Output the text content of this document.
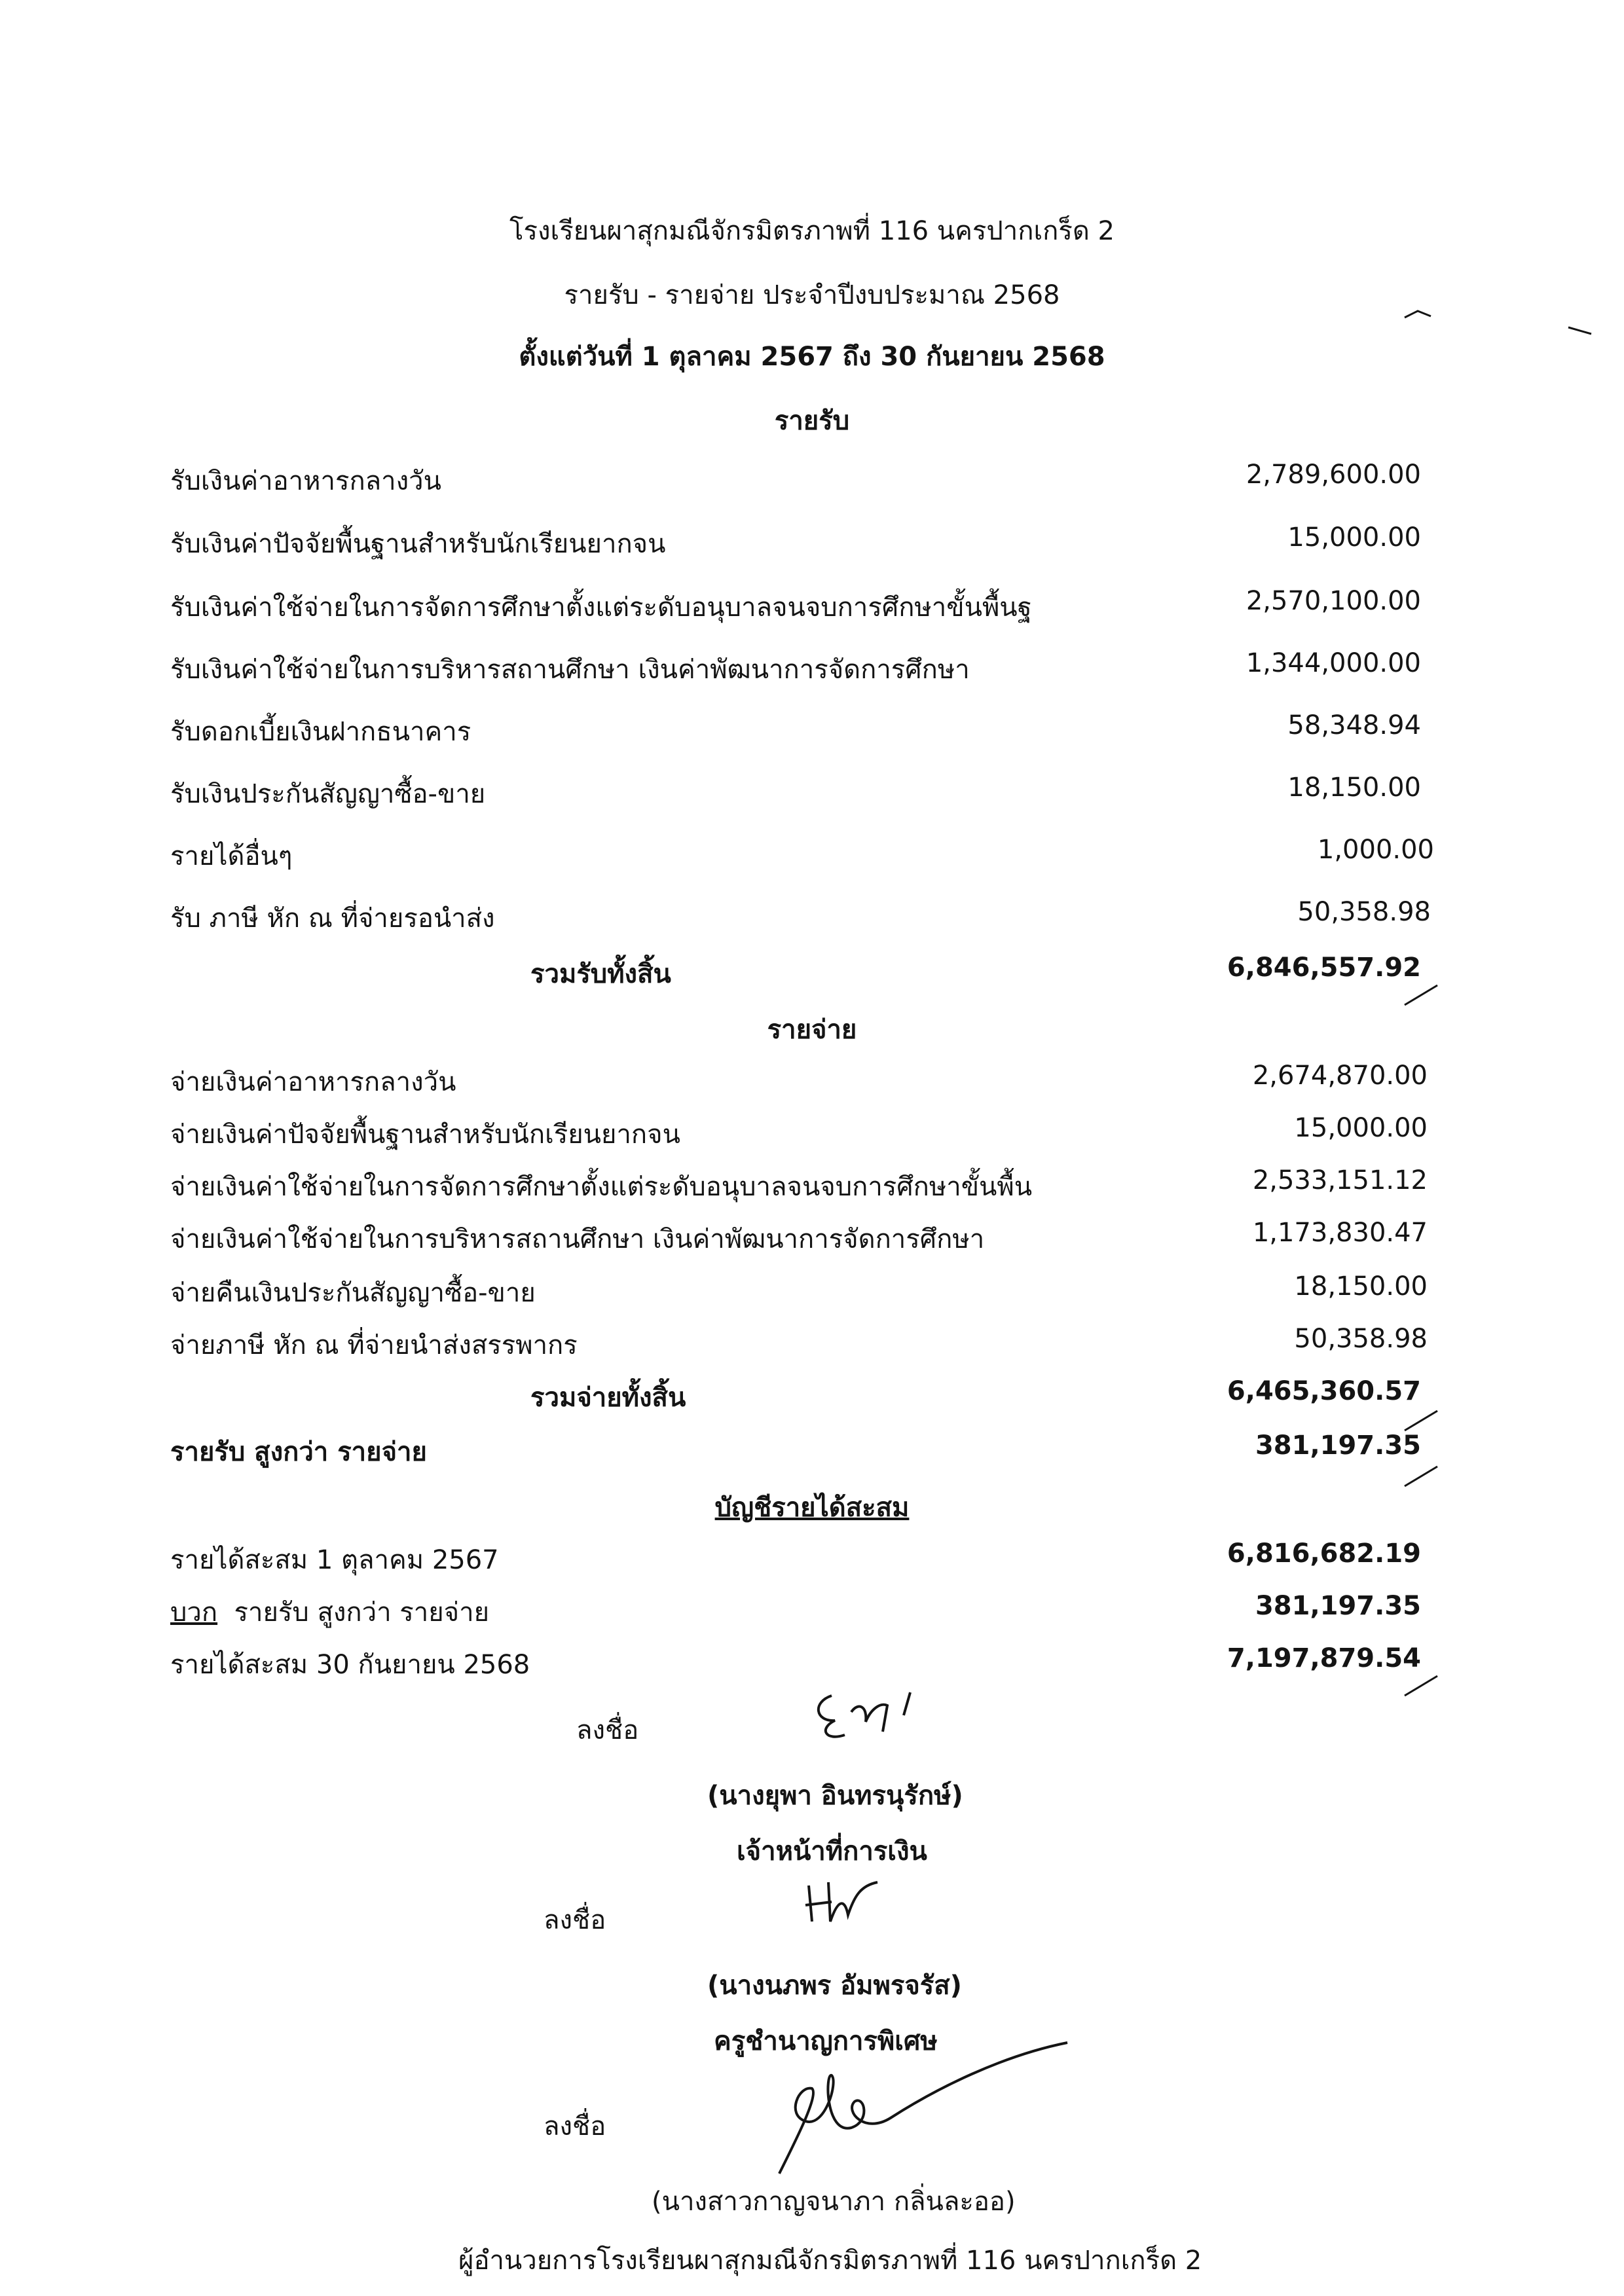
โรงเรียนผาสุกมณีจักรมิตรภาพที่ 116 นครปากเกร็ด 2
รายรับ - รายจ่าย ประจำปีงบประมาณ 2568
ตั้งแต่วันที่ 1 ตุลาคม 2567 ถึง 30 กันยายน 2568
รายรับ
รับเงินค่าอาหารกลางวัน	2,789,600.00
รับเงินค่าปัจจัยพื้นฐานสำหรับนักเรียนยากจน	15,000.00
รับเงินค่าใช้จ่ายในการจัดการศึกษาตั้งแต่ระดับอนุบาลจนจบการศึกษาขั้นพื้นฐ	2,570,100.00
รับเงินค่าใช้จ่ายในการบริหารสถานศึกษา เงินค่าพัฒนาการจัดการศึกษา	1,344,000.00
รับดอกเบี้ยเงินฝากธนาคาร	58,348.94
รับเงินประกันสัญญาซื้อ-ขาย	18,150.00
รายได้อื่นๆ	1,000.00
รับ ภาษี หัก ณ ที่จ่ายรอนำส่ง	50,358.98
รวมรับทั้งสิ้น	6,846,557.92
รายจ่าย
จ่ายเงินค่าอาหารกลางวัน	2,674,870.00
จ่ายเงินค่าปัจจัยพื้นฐานสำหรับนักเรียนยากจน	15,000.00
จ่ายเงินค่าใช้จ่ายในการจัดการศึกษาตั้งแต่ระดับอนุบาลจนจบการศึกษาขั้นพื้น	2,533,151.12
จ่ายเงินค่าใช้จ่ายในการบริหารสถานศึกษา เงินค่าพัฒนาการจัดการศึกษา	1,173,830.47
จ่ายคืนเงินประกันสัญญาซื้อ-ขาย	18,150.00
จ่ายภาษี หัก ณ ที่จ่ายนำส่งสรรพากร	50,358.98
รวมจ่ายทั้งสิ้น	6,465,360.57
รายรับ สูงกว่า รายจ่าย	381,197.35
บัญชีรายได้สะสม
รายได้สะสม 1 ตุลาคม 2567	6,816,682.19
บวก  รายรับ สูงกว่า รายจ่าย	381,197.35
รายได้สะสม 30 กันยายน 2568	7,197,879.54
ลงชื่อ
(นางยุพา อินทรนุรักษ์)
เจ้าหน้าที่การเงิน
ลงชื่อ
(นางนภพร อัมพรจรัส)
ครูชำนาญการพิเศษ
ลงชื่อ
(นางสาวกาญจนาภา กลิ่นละออ)
ผู้อำนวยการโรงเรียนผาสุกมณีจักรมิตรภาพที่ 116 นครปากเกร็ด 2
